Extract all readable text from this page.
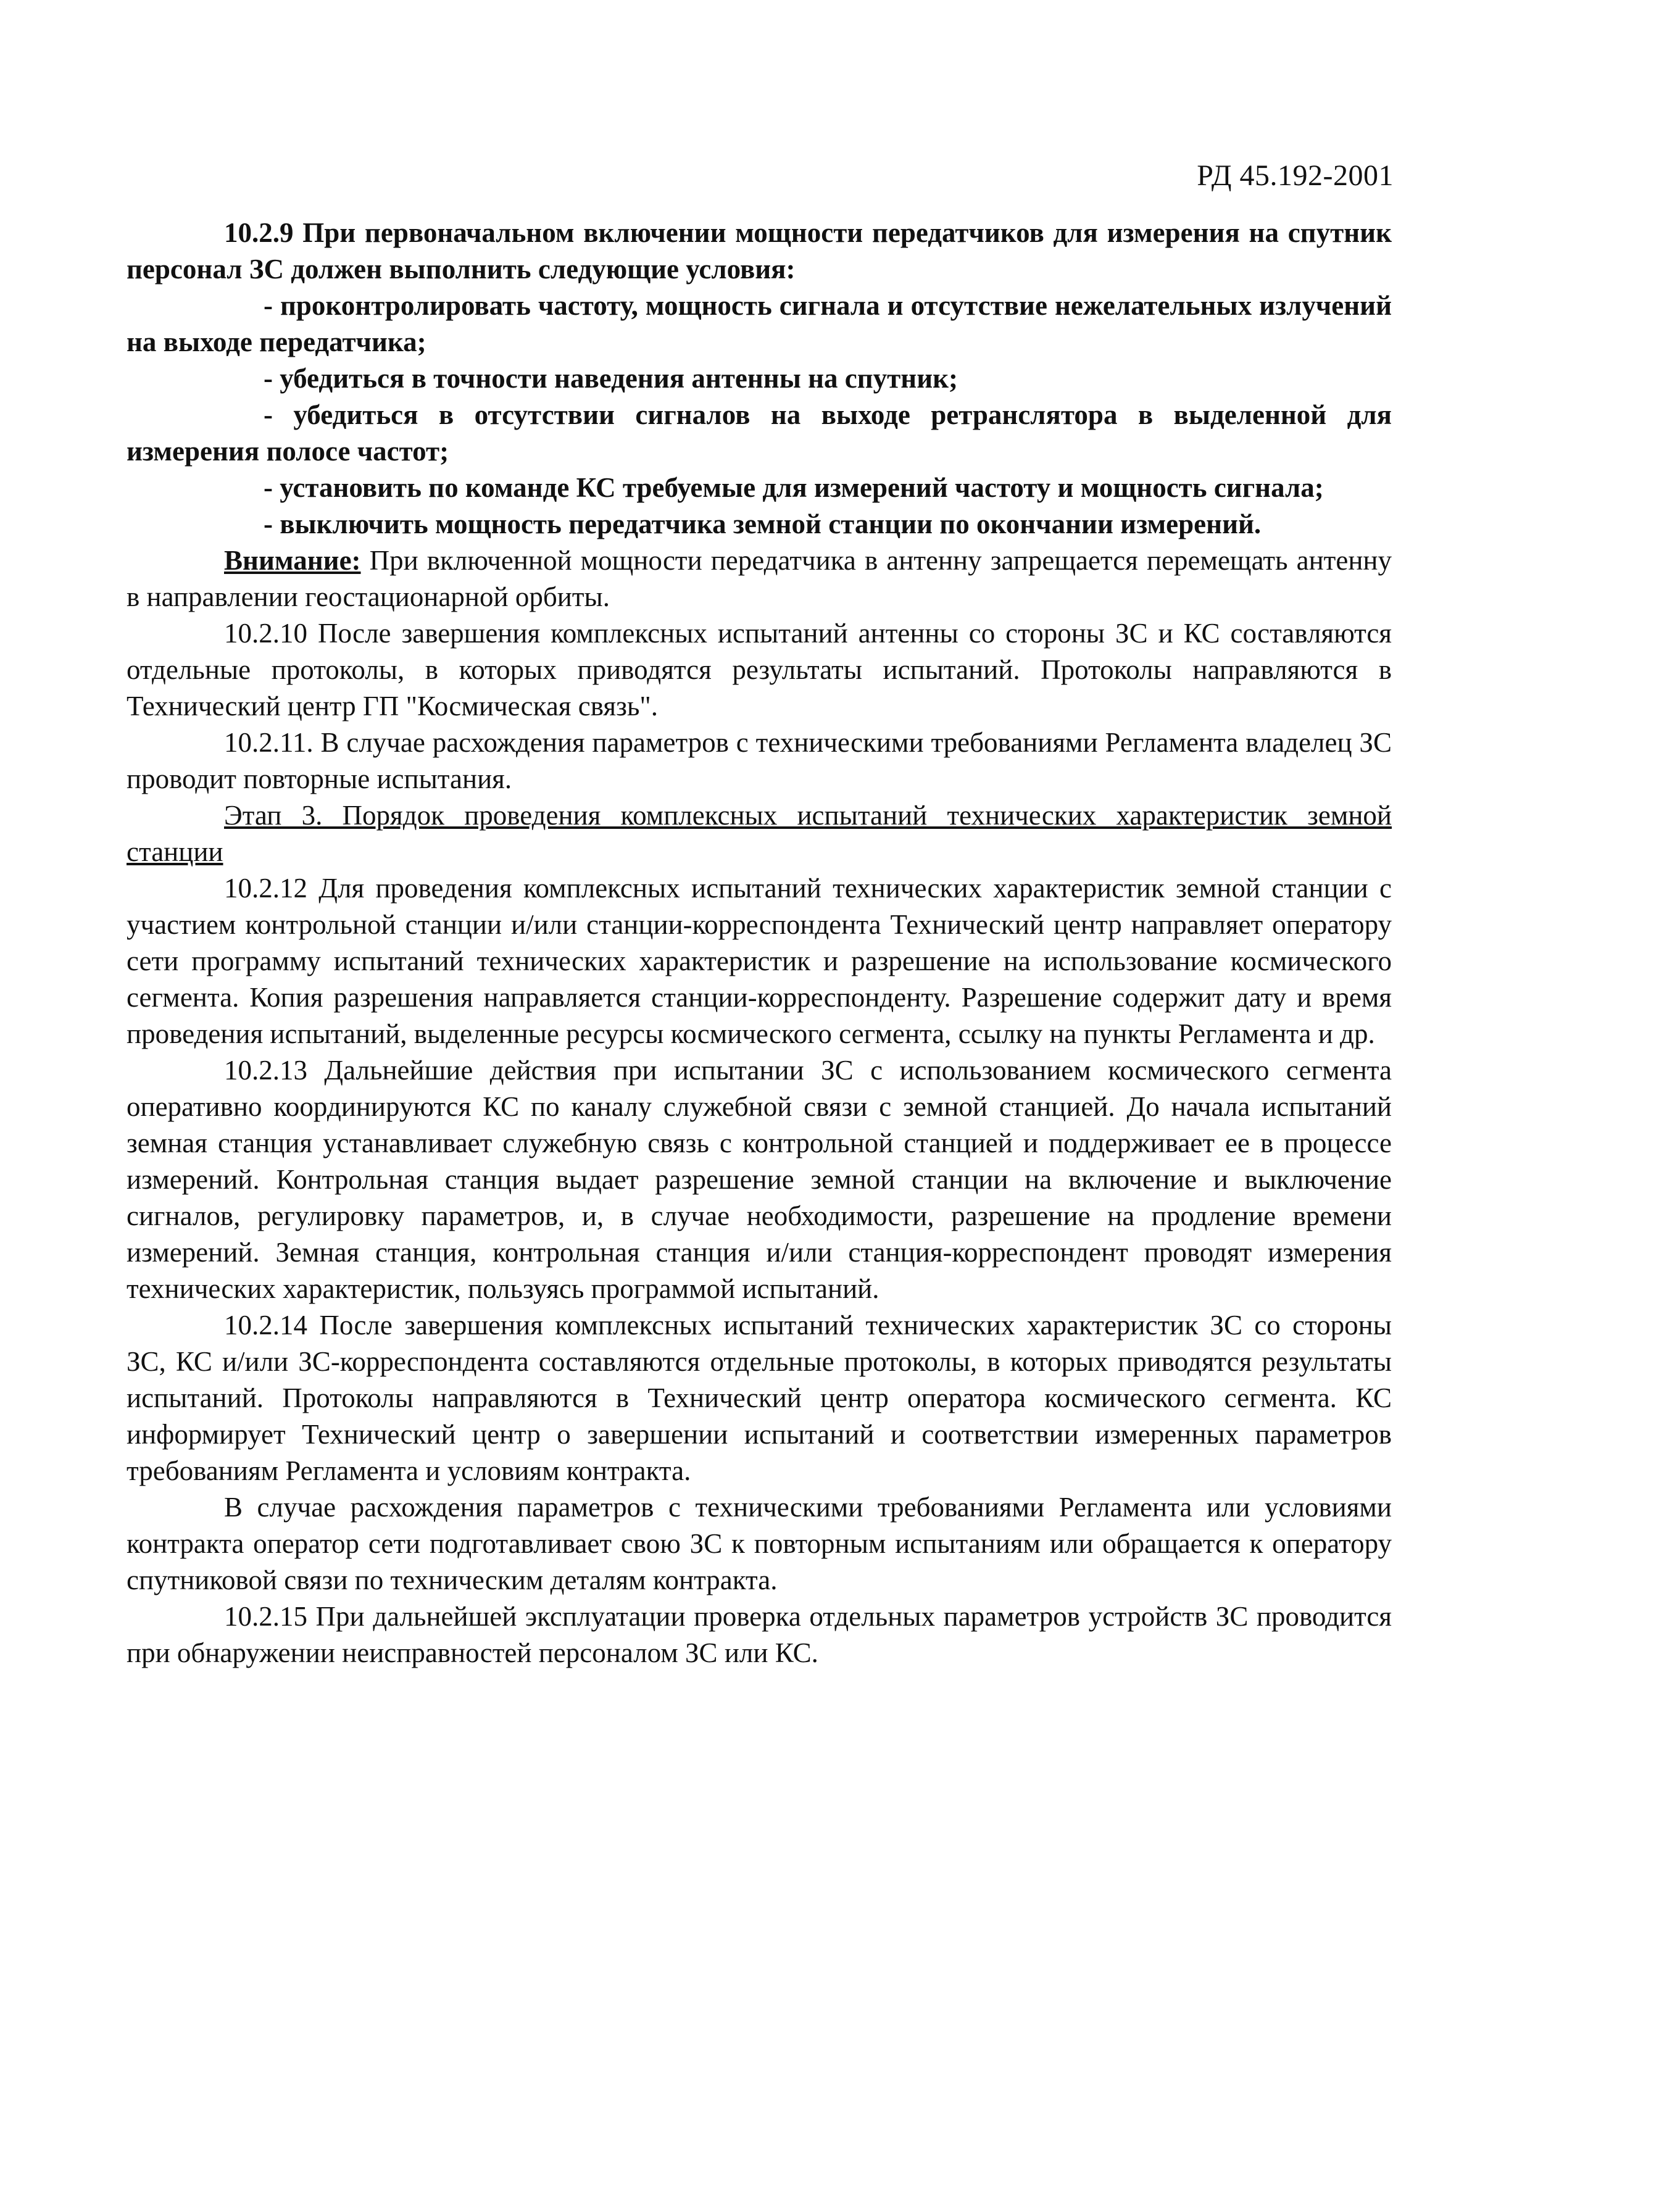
РД 45.192-2001

10.2.9 При первоначальном включении мощности передатчиков для измерения на спутник персонал ЗС должен выполнить следующие условия:

- проконтролировать частоту, мощность сигнала и отсутствие нежелательных излучений на выходе передатчика;

- убедиться в точности наведения антенны на спутник;

- убедиться в отсутствии сигналов на выходе ретранслятора в выделенной для измерения полосе частот;

- установить по команде КС требуемые для измерений частоту и мощность сигнала;

- выключить мощность передатчика земной станции по окончании измерений.

Внимание: При включенной мощности передатчика в антенну запрещается перемещать антенну в направлении геостационарной орбиты.

10.2.10 После завершения комплексных испытаний антенны со стороны ЗС и КС составляются отдельные протоколы, в которых приводятся результаты испытаний. Протоколы направляются в Технический центр ГП "Космическая связь".

10.2.11. В случае расхождения параметров с техническими требованиями Регламента владелец ЗС проводит повторные испытания.

Этап 3. Порядок проведения комплексных испытаний технических характеристик земной станции

10.2.12 Для проведения комплексных испытаний технических характеристик земной станции с участием контрольной станции и/или станции-корреспондента Технический центр направляет оператору сети программу испытаний технических характеристик и разрешение на использование космического сегмента. Копия разрешения направляется станции-корреспонденту. Разрешение содержит дату и время проведения испытаний, выделенные ресурсы космического сегмента, ссылку на пункты Регламента и др.

10.2.13 Дальнейшие действия при испытании ЗС с использованием космического сегмента оперативно координируются КС по каналу служебной связи с земной станцией. До начала испытаний земная станция устанавливает служебную связь с контрольной станцией и поддерживает ее в процессе измерений. Контрольная станция выдает разрешение земной станции на включение и выключение сигналов, регулировку параметров, и, в случае необходимости, разрешение на продление времени измерений. Земная станция, контрольная станция и/или станция-корреспондент проводят измерения технических характеристик, пользуясь программой испытаний.

10.2.14 После завершения комплексных испытаний технических характеристик ЗС со стороны ЗС, КС и/или ЗС-корреспондента составляются отдельные протоколы, в которых приводятся результаты испытаний. Протоколы направляются в Технический центр оператора космического сегмента. КС информирует Технический центр о завершении испытаний и соответствии измеренных параметров требованиям Регламента и условиям контракта.

В случае расхождения параметров с техническими требованиями Регламента или условиями контракта оператор сети подготавливает свою ЗС к повторным испытаниям или обращается к оператору спутниковой связи по техническим деталям контракта.

10.2.15 При дальнейшей эксплуатации проверка отдельных параметров устройств ЗС проводится при обнаружении неисправностей персоналом ЗС или КС.
